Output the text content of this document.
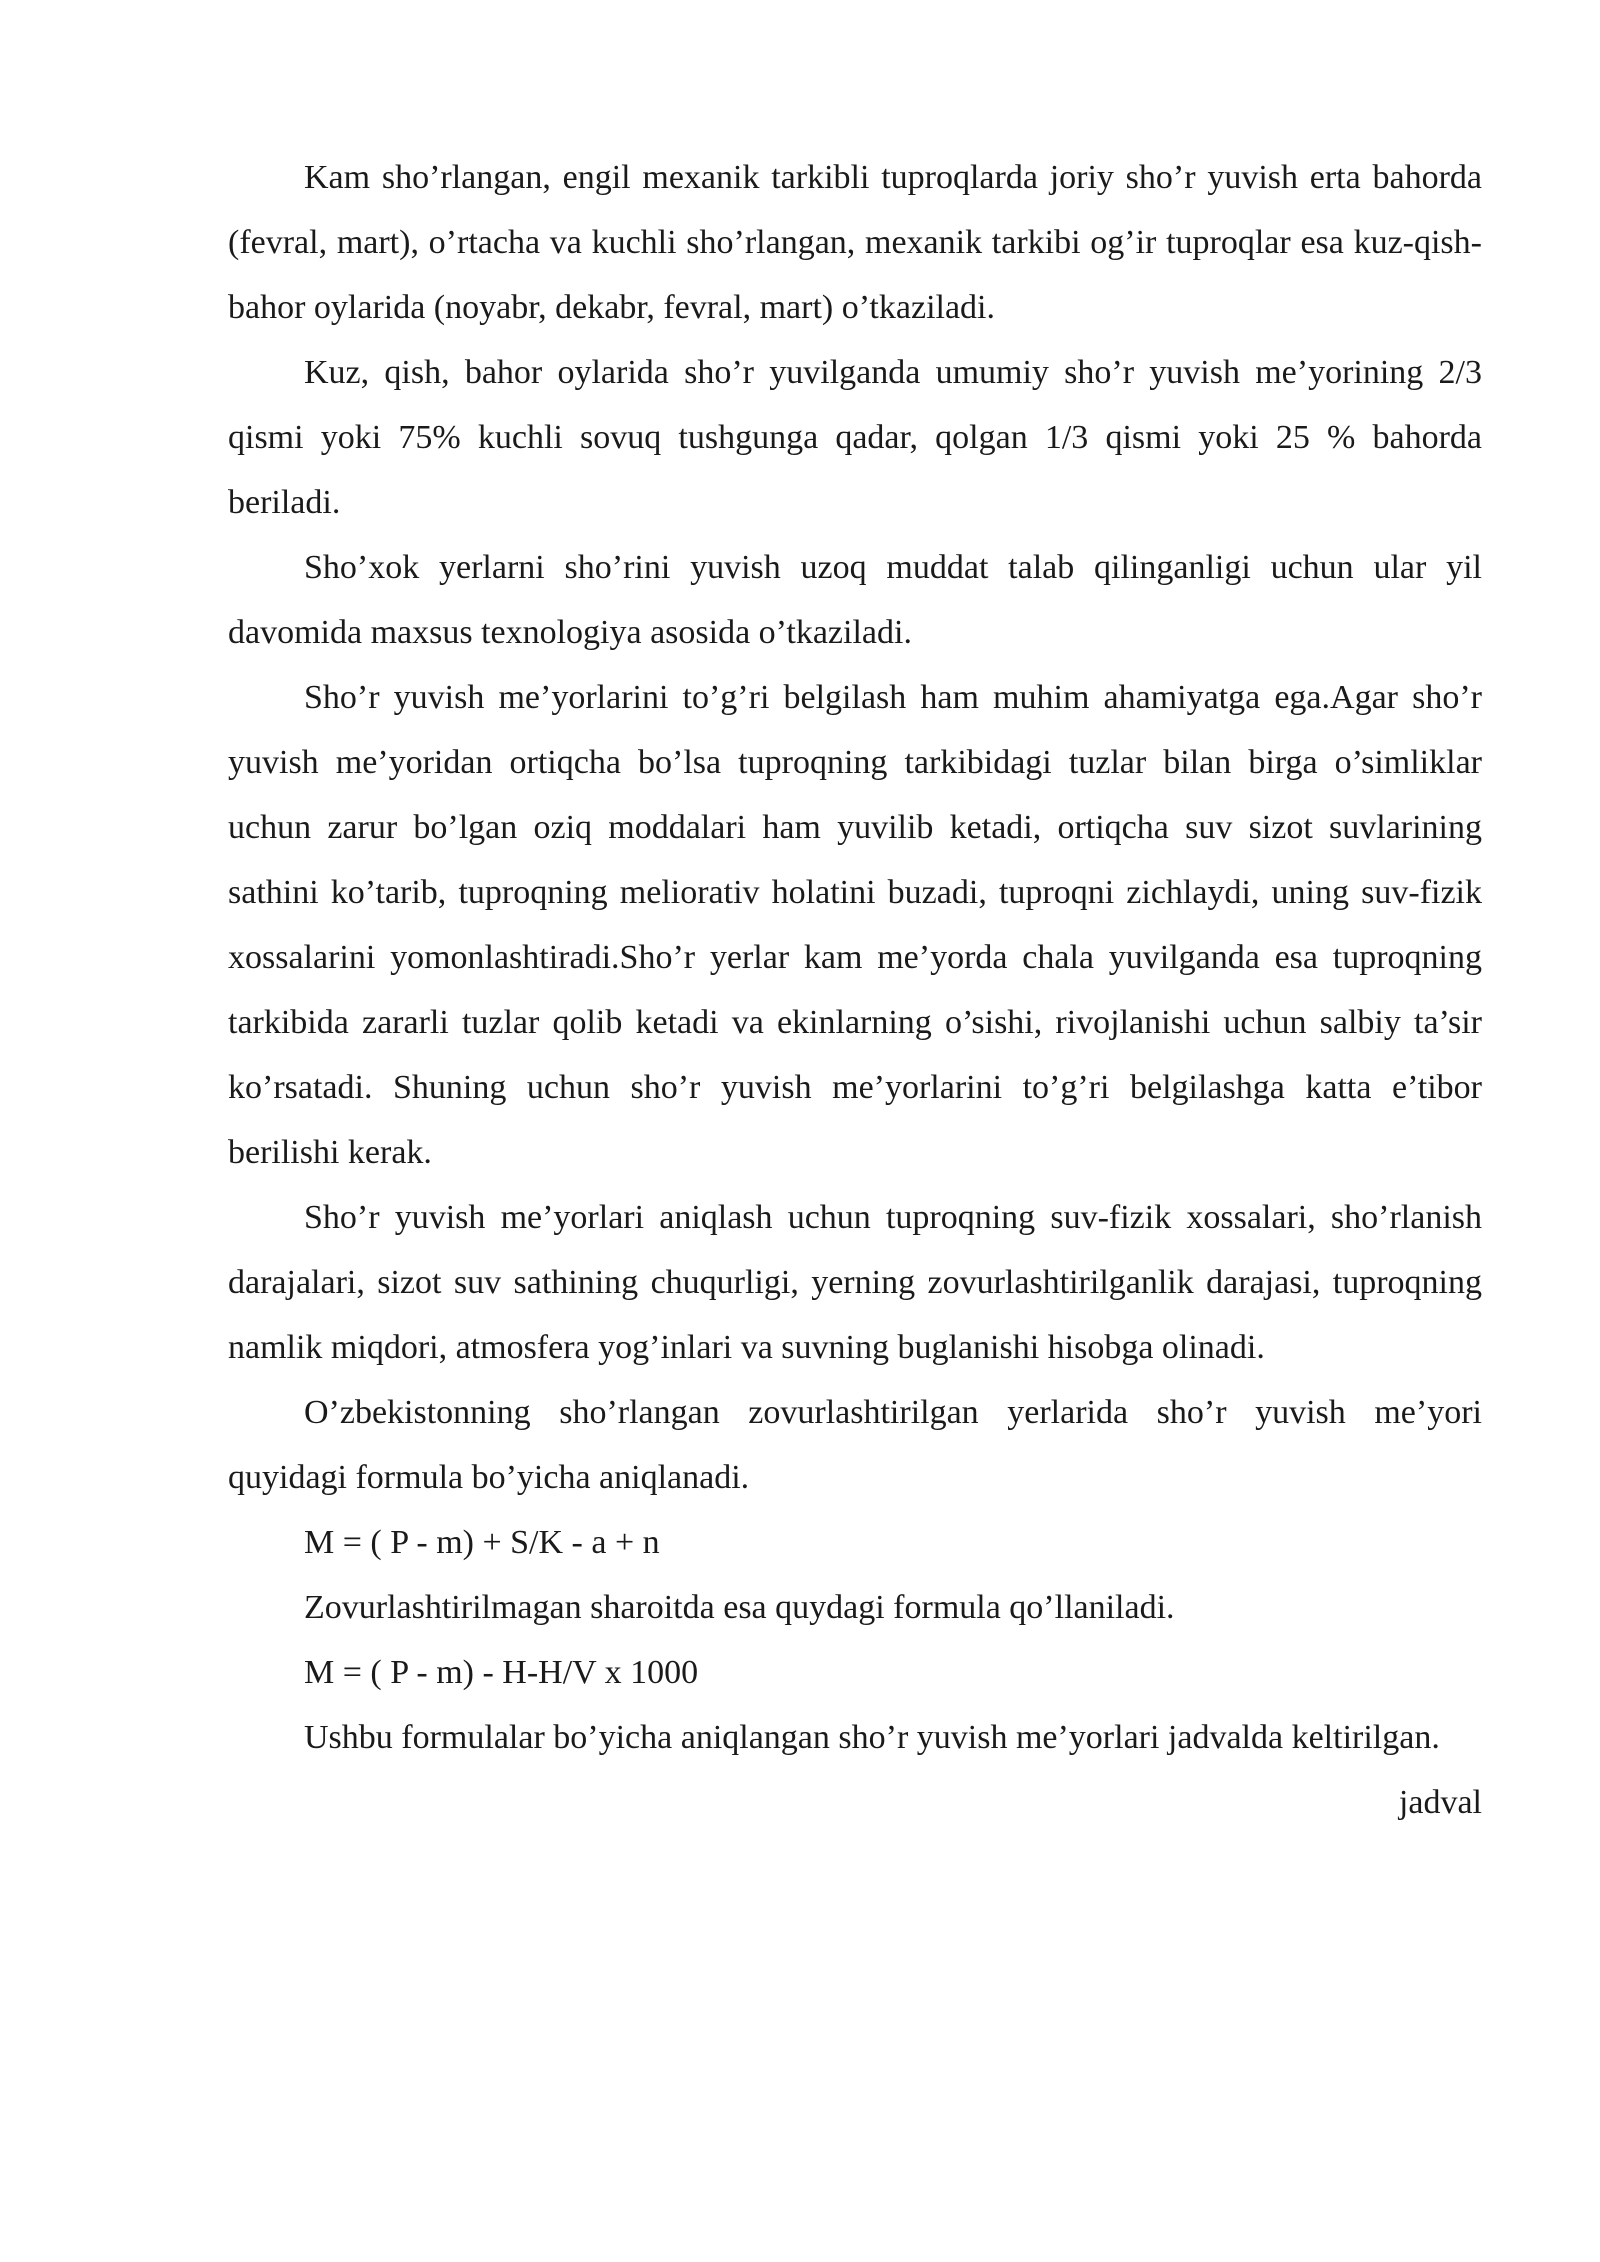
Kam sho’rlangan, engil mexanik tarkibli tuproqlarda joriy sho’r yuvish erta bahorda (fevral, mart), o’rtacha va kuchli sho’rlangan, mexanik tarkibi og’ir tuproqlar esa kuz-qish-bahor oylarida (noyabr, dekabr, fevral, mart) o’tkaziladi.

Kuz, qish, bahor oylarida sho’r yuvilganda umumiy sho’r yuvish me’yorining 2/3 qismi yoki 75% kuchli sovuq tushgunga qadar, qolgan 1/3 qismi yoki 25 % bahorda beriladi.

Sho’xok yerlarni sho’rini yuvish uzoq muddat talab qilinganligi uchun ular yil davomida maxsus texnologiya asosida o’tkaziladi.

Sho’r yuvish me’yorlarini to’g’ri belgilash ham muhim ahamiyatga ega.Agar sho’r yuvish me’yoridan ortiqcha bo’lsa tuproqning tarkibidagi tuzlar bilan birga o’simliklar uchun zarur bo’lgan oziq moddalari ham yuvilib ketadi, ortiqcha suv sizot suvlarining sathini ko’tarib, tuproqning meliorativ holatini buzadi, tuproqni zichlaydi, uning suv-fizik xossalarini yomonlashtiradi.Sho’r yerlar kam me’yorda chala yuvilganda esa tuproqning tarkibida zararli tuzlar qolib ketadi va ekinlarning o’sishi, rivojlanishi uchun salbiy ta’sir ko’rsatadi. Shuning uchun sho’r yuvish me’yorlarini to’g’ri belgilashga katta e’tibor berilishi kerak.

Sho’r yuvish me’yorlari aniqlash uchun tuproqning suv-fizik xossalari, sho’rlanish darajalari, sizot suv sathining chuqurligi, yerning zovurlashtirilganlik darajasi, tuproqning namlik miqdori, atmosfera yog’inlari va suvning buglanishi hisobga olinadi.

O’zbekistonning sho’rlangan zovurlashtirilgan yerlarida sho’r yuvish me’yori quyidagi formula bo’yicha aniqlanadi.

M = ( P - m) + S/K - a + n

Zovurlashtirilmagan sharoitda esa quydagi formula qo’llaniladi.

M = ( P - m) - H-H/V x 1000

Ushbu formulalar bo’yicha aniqlangan sho’r yuvish me’yorlari jadvalda keltirilgan.

jadval
